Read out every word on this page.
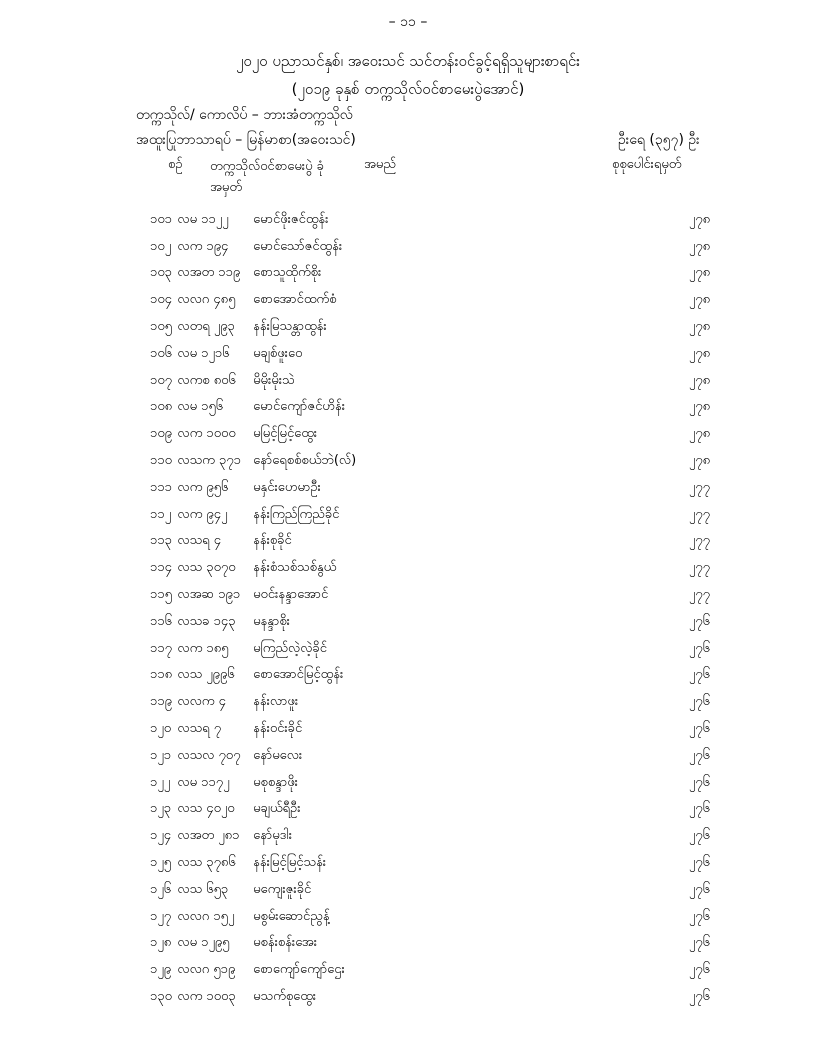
– ၁၁ –
၂၀၂၀ ပညာသင်နှစ်၊ အဝေးသင် သင်တန်းဝင်ခွင့်ရရှိသူများစာရင်း
(၂၀၁၉ ခုနှစ် တက္ကသိုလ်ဝင်စာမေးပွဲအောင်)
တက္ကသိုလ်/ ကောလိပ် – ဘားအံတက္ကသိုလ်
အထူးပြုဘာသာရပ် – မြန်မာစာ(အဝေးသင်)	ဦးရေ (၃၅၇) ဦး
စဉ် တက္ကသိုလ်ဝင်စာမေးပွဲ ခုံအမှတ်
အမည်	စုစုပေါင်းရမှတ်
၁၀၁	လမ ၁၁၂၂	မောင်ဖိုးဇင်ထွန်း	၂၇၈
၁၀၂	လက ၁၉၄	မောင်သော်ဇင်ထွန်း	၂၇၈
၁၀၃	လအတ ၁၁၉	စောသူထိုက်စိုး	၂၇၈
၁၀၄	လလဂ ၄၈၅	စောအောင်ထက်စံ	၂၇၈
၁၀၅	လတရ ၂၉၃	နန်းမြသန္တာထွန်း	၂၇၈
၁၀၆	လမ ၁၂၁၆	မချစ်ဖူးဝေ	၂၇၈
၁၀၇	လကစ ၈၀၆	မိမိုးမိုးသဲ	၂၇၈
၁၀၈	လမ ၁၅၆	မောင်ကျော်ဇင်ဟိန်း	၂၇၈
၁၀၉	လက ၁၀၀၀	မမြင့်မြင့်ထွေး	၂၇၈
၁၁၀	လသက ၃၇၁	နော်ရေစစ်စယ်ဘဲ(လ်)	၂၇၈
၁၁၁	လက ၉၅၆	မနှင်းဟေမာဦး	၂၇၇
၁၁၂	လက ၉၄၂	နန်းကြည်ကြည်ခိုင်	၂၇၇
၁၁၃	လသရ ၄	နန်းစုခိုင်	၂၇၇
၁၁၄	လသ ၃၀၇၀	နန်းစံသစ်သစ်နွယ်	၂၇၇
၁၁၅	လအဆ ၁၉၁	မဝင်းနန္ဒာအောင်	၂၇၇
၁၁၆	လသခ ၁၄၃	မနန္ဒာစိုး	၂၇၆
၁၁၇	လက ၁၈၅	မကြည်လဲ့လဲ့ခိုင်	၂၇၆
၁၁၈	လသ ၂၉၉၆	စောအောင်မြင့်ထွန်း	၂၇၆
၁၁၉	လလက ၄	နန်းလာဖူး	၂၇၆
၁၂၀	လသရ ၇	နန်းဝင်းခိုင်	၂၇၆
၁၂၁	လသလ ၇၀၇	နော်မလေး	၂၇၆
၁၂၂	လမ ၁၁၇၂	မစုစန္ဒာဖိုး	၂၇၆
၁၂၃	လသ ၄၀၂၀	မချယ်ရီဦး	၂၇၆
၁၂၄	လအတ ၂၈၁	နော်မုဒါး	၂၇၆
၁၂၅	လသ ၃၇၈၆	နန်းမြင့်မြင့်သန်း	၂၇၆
၁၂၆	လသ ၆၅၃	မကျေးဇူးခိုင်	၂၇၆
၁၂၇	လလဂ ၁၅၂	မစွမ်းဆောင်ညွန့်	၂၇၆
၁၂၈	လမ ၁၂၉၅	မစန်းစန်းအေး	၂၇၆
၁၂၉	လလဂ ၅၁၉	စောကျော်ကျော်ဌေး	၂၇၆
၁၃၀	လက ၁၀၀၃	မသက်စုထွေး	၂၇၆
